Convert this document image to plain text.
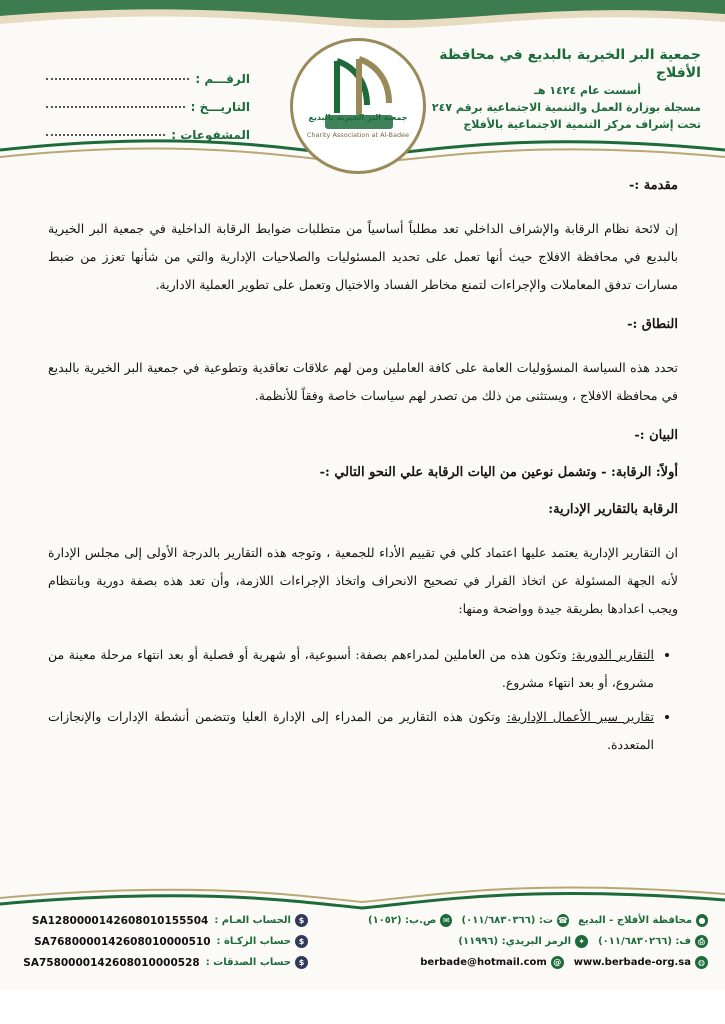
جمعية البر الخيرية بالبديع
Charity Association at Al-Badee
جمعية البر الخيرية بالبديع في محافظة الأفلاج
أسست عام ١٤٢٤ هـ
مسجلة بوزارة العمل والتنمية الاجتماعية برقم ٢٤٧
تحت إشراف مركز التنمية الاجتماعية بالأفلاج
الرقـــم :
التاريـــخ :
المشفوعات :
مقدمة :-

إن لائحة نظام الرقابة والإشراف الداخلي تعد مطلباً أساسياً من متطلبات ضوابط الرقابة الداخلية في جمعية البر الخيرية بالبديع في محافظة الافلاج حيث أنها تعمل على تحديد المسئوليات والصلاحيات الإدارية والتي من شأنها تعزز من ضبط مسارات تدفق المعاملات والإجراءات لتمنع مخاطر الفساد والاختيال وتعمل على تطوير العملية الادارية.

النطاق :-

تحدد هذه السياسة المسؤوليات العامة على كافة العاملين ومن لهم علاقات تعاقدية وتطوعية في جمعية البر الخيرية بالبديع في محافظة الافلاج ، ويستثنى من ذلك من تصدر لهم سياسات خاصة وفقاً للأنظمة.

البيان :-
أولاً: الرقابة: - وتشمل نوعين من اليات الرقابة علي النحو التالي :-
الرقابة بالتقارير الإدارية:

ان التقارير الإدارية يعتمد عليها اعتماد كلي في تقييم الأداء للجمعية ، وتوجه هذه التقارير بالدرجة الأولى إلى مجلس الإدارة لأنه الجهة المسئولة عن اتخاذ القرار في تصحيح الانحراف واتخاذ الإجراءات اللازمة، وأن تعد هذه بصفة دورية وبانتظام ويجب اعدادها بطريقة جيدة وواضحة ومنها:

• التقارير الدورية: وتكون هذه من العاملين لمدراءهم بصفة: أسبوعية، أو شهرية أو فصلية أو بعد انتهاء مرحلة معينة من مشروع، أو بعد انتهاء مشروع.
• تقارير سير الأعمال الإدارية: وتكون هذه التقارير من المدراء إلى الإدارة العليا وتتضمن أنشطة الإدارات والإنجازات المتعددة.
●
محافظة الأفلاج - البديع
☎
ت: (٠١١/٦٨٣٠٣٦٦)
✉
ص.ب: (١٠٥٢)
⎙
ف: (٠١١/٦٨٣٠٢٦٦)
✦
الرمز البريدي: (١١٩٩٦)
◍
www.berbade-org.sa
@
berbade@hotmail.com
$
الحساب العـام :
SA1280000142608010155504
$
حساب الزكـاة :
SA7680000142608010000510
$
حساب الصدقات :
SA7580000142608010000528
